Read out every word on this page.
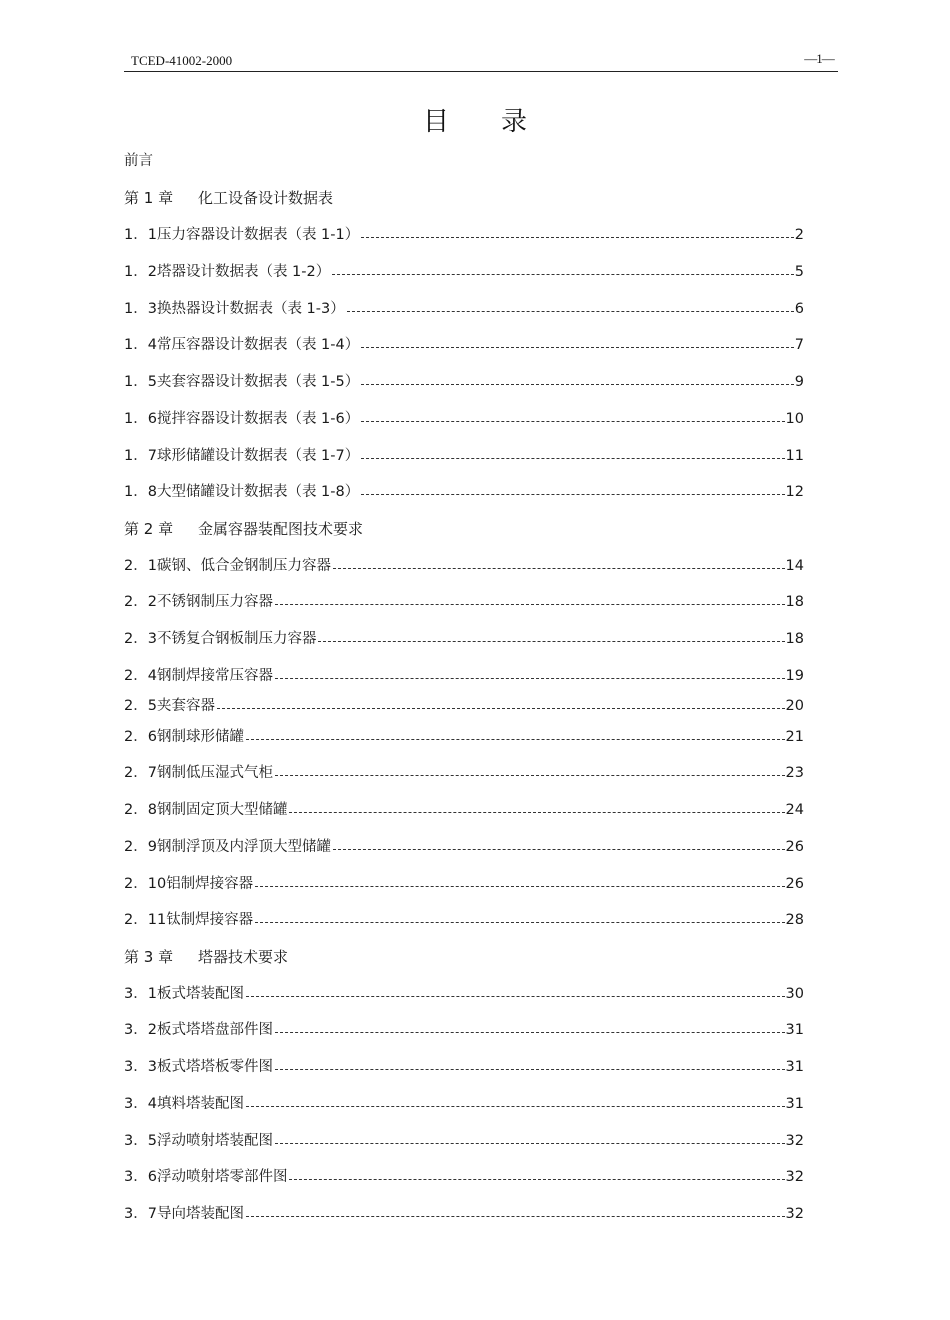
TCED-41002-2000	—1—
目 录
前言
第 1 章	化工设备设计数据表
1．1压力容器设计数据表（表 1-1）	2
1．2塔器设计数据表（表 1-2）	5
1．3换热器设计数据表（表 1-3）	6
1．4常压容器设计数据表（表 1-4）	7
1．5夹套容器设计数据表（表 1-5）	9
1．6搅拌容器设计数据表（表 1-6）	10
1．7球形储罐设计数据表（表 1-7）	11
1．8大型储罐设计数据表（表 1-8）	12
第 2 章	金属容器装配图技术要求
2．1碳钢、低合金钢制压力容器	14
2．2不锈钢制压力容器	18
2．3不锈复合钢板制压力容器	18
2．4钢制焊接常压容器	19
2．5夹套容器	20
2．6钢制球形储罐	21
2．7钢制低压湿式气柜	23
2．8钢制固定顶大型储罐	24
2．9钢制浮顶及内浮顶大型储罐	26
2．10铝制焊接容器	26
2．11钛制焊接容器	28
第 3 章	塔器技术要求
3．1板式塔装配图	30
3．2板式塔塔盘部件图	31
3．3板式塔塔板零件图	31
3．4填料塔装配图	31
3．5浮动喷射塔装配图	32
3．6浮动喷射塔零部件图	32
3．7导向塔装配图	32
